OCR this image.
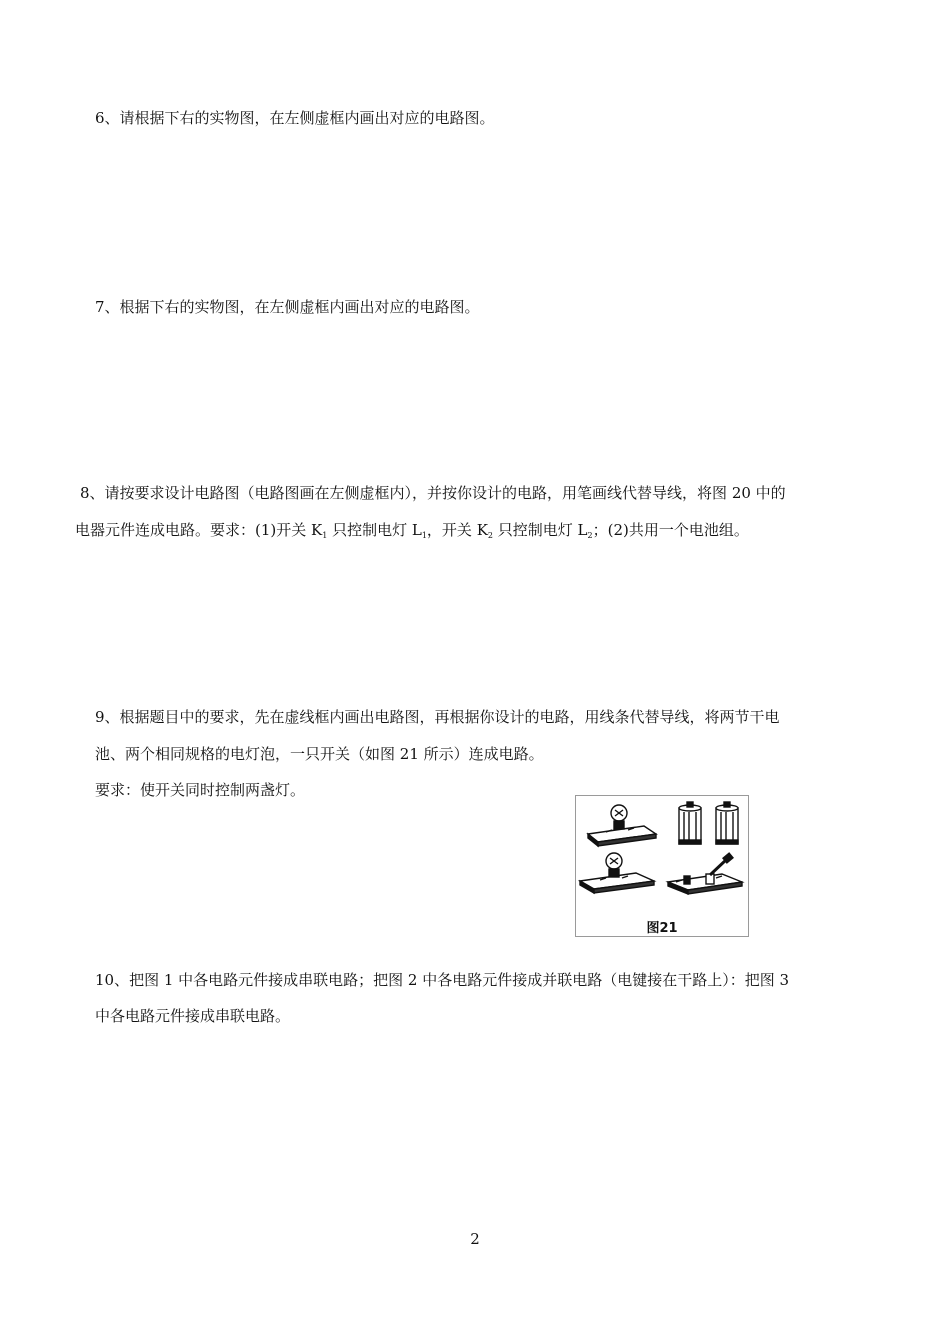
6、请根据下右的实物图，在左侧虚框内画出对应的电路图。
7、根据下右的实物图，在左侧虚框内画出对应的电路图。
8、请按要求设计电路图（电路图画在左侧虚框内），并按你设计的电路，用笔画线代替导线，将图 20 中的
电器元件连成电路。要求：(1)开关 $K_1$ 只控制电灯 $L_1$，开关 $K_2$ 只控制电灯 $L_2$；(2)共用一个电池组。
9、根据题目中的要求，先在虚线框内画出电路图，再根据你设计的电路，用线条代替导线，将两节干电
池、两个相同规格的电灯泡，一只开关（如图 21 所示）连成电路。
要求：使开关同时控制两盏灯。
图21
10、把图 1 中各电路元件接成串联电路；把图 2 中各电路元件接成并联电路（电键接在干路上）：把图 3
中各电路元件接成串联电路。
2
